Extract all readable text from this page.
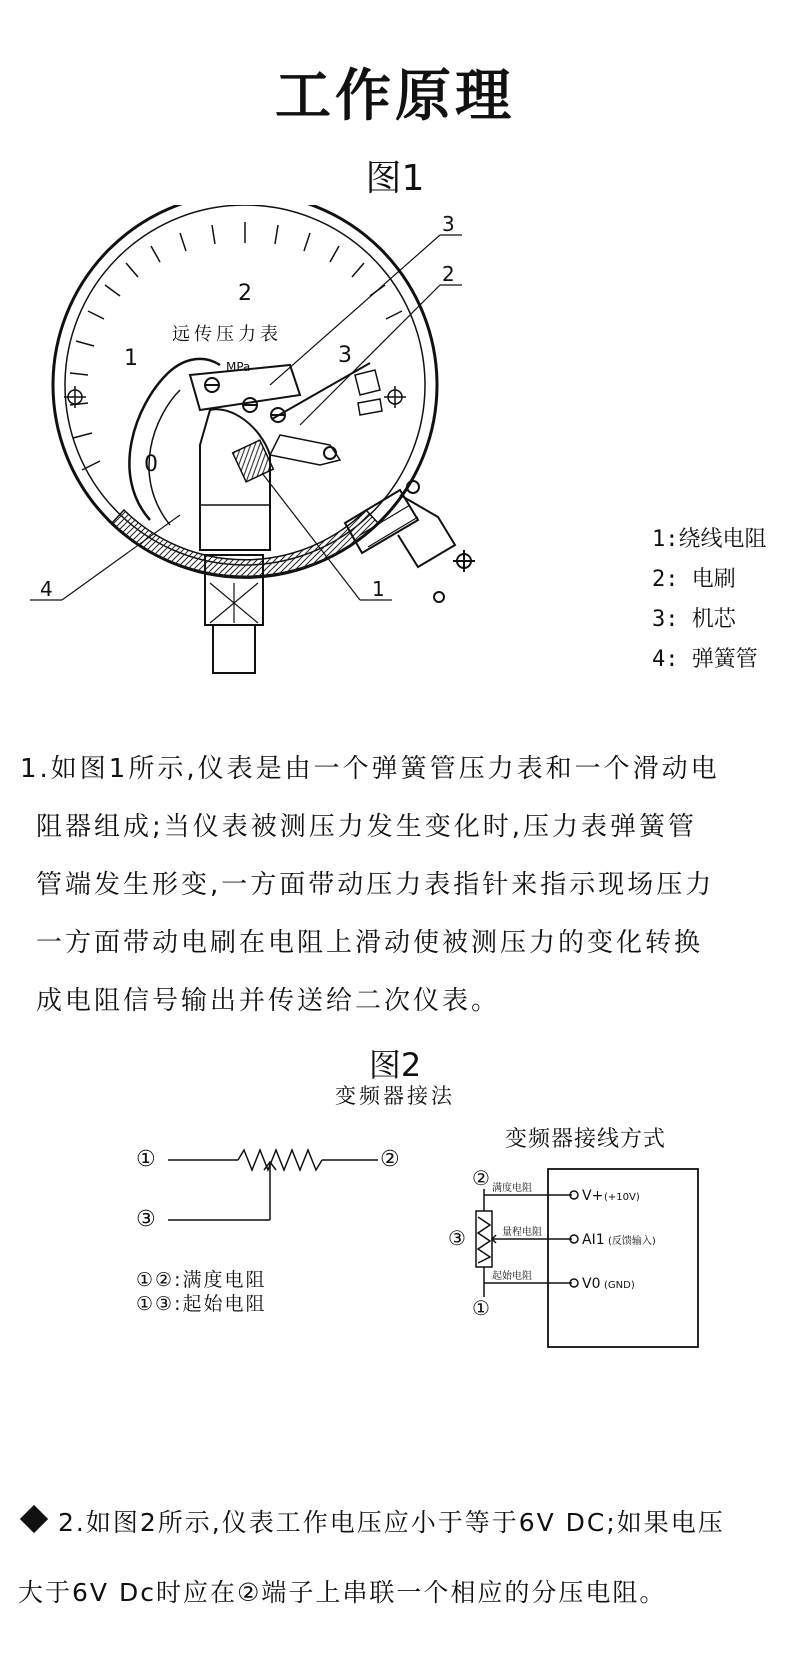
工作原理
图1
0
1
2
3
远传压力表
MPa
3
2
1
4
1:绕线电阻
2: 电刷
3: 机芯
4: 弹簧管
1.如图1所示,仪表是由一个弹簧管压力表和一个滑动电
阻器组成;当仪表被测压力发生变化时,压力表弹簧管
管端发生形变,一方面带动压力表指针来指示现场压力
一方面带动电刷在电阻上滑动使被测压力的变化转换
成电阻信号输出并传送给二次仪表。
图2
变频器接法
变频器接线方式
①	②
③
①②:满度电阻
①③:起始电阻
② 满度电阻	V+ (+10V)
③	量程电阻	AI1 (反馈输入)
起始电阻
①
V0 (GND)
2.如图2所示,仪表工作电压应小于等于6V DC;如果电压
大于6V Dc时应在②端子上串联一个相应的分压电阻。
